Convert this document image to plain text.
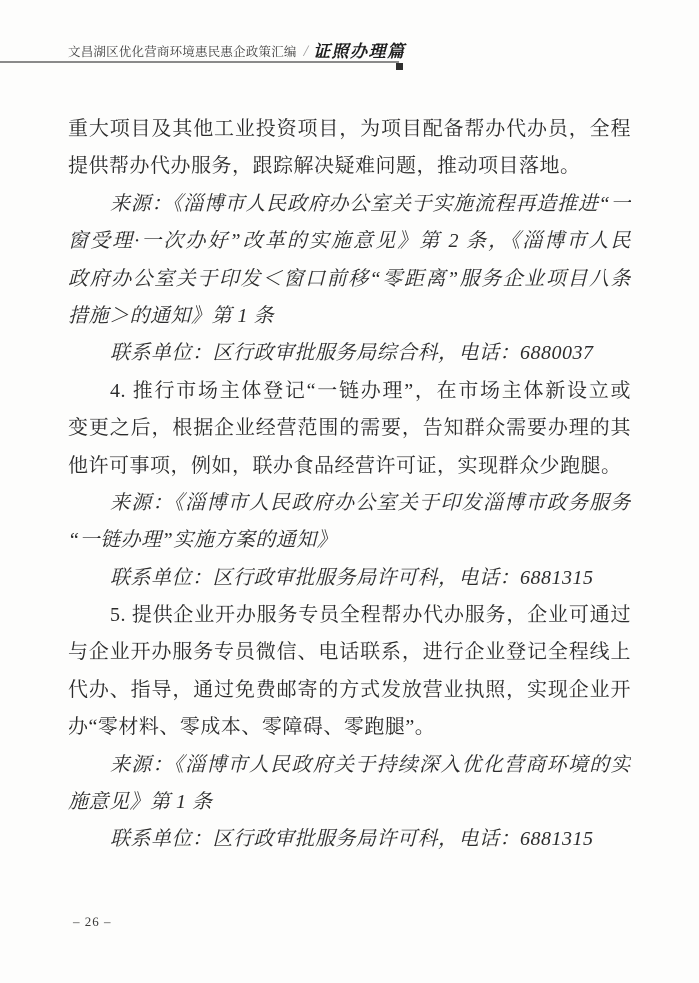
文昌湖区优化营商环境惠民惠企政策汇编 / 证照办理篇
重大项目及其他工业投资项目，为项目配备帮办代办员，全程
提供帮办代办服务，跟踪解决疑难问题，推动项目落地。
来源：《淄博市人民政府办公室关于实施流程再造推进“一
窗受理·一次办好”改革的实施意见》第 2 条，《淄博市人民
政府办公室关于印发＜窗口前移“零距离”服务企业项目八条
措施＞的通知》第 1 条
联系单位：区行政审批服务局综合科，电话：6880037
4. 推行市场主体登记“一链办理”，在市场主体新设立或
变更之后，根据企业经营范围的需要，告知群众需要办理的其
他许可事项，例如，联办食品经营许可证，实现群众少跑腿。
来源：《淄博市人民政府办公室关于印发淄博市政务服务
“一链办理”实施方案的通知》
联系单位：区行政审批服务局许可科，电话：6881315
5. 提供企业开办服务专员全程帮办代办服务，企业可通过
与企业开办服务专员微信、电话联系，进行企业登记全程线上
代办、指导，通过免费邮寄的方式发放营业执照，实现企业开
办“零材料、零成本、零障碍、零跑腿”。
来源：《淄博市人民政府关于持续深入优化营商环境的实
施意见》第 1 条
联系单位：区行政审批服务局许可科，电话：6881315
– 26 –
